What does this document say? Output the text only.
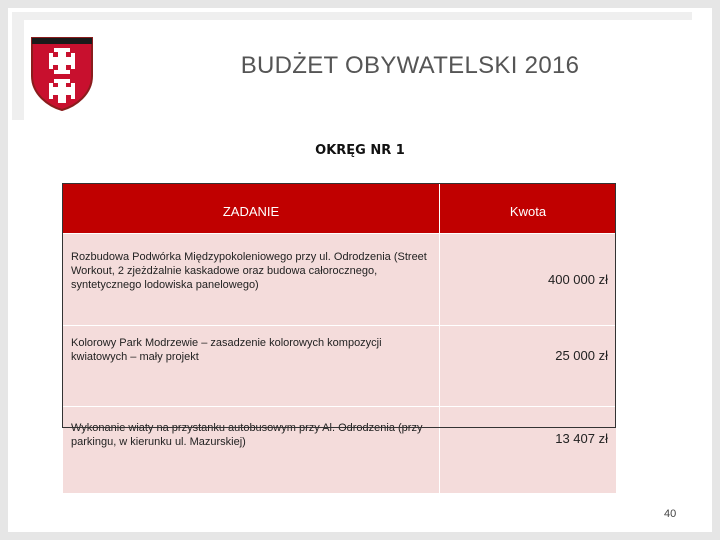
BUDŻET OBYWATELSKI 2016
OKRĘG NR 1
ZADANIE	Kwota
Rozbudowa Podwórka Międzypokoleniowego przy ul. Odrodzenia (Street Workout, 2 zjeżdżalnie kaskadowe oraz budowa całorocznego, syntetycznego lodowiska panelowego)	400 000 zł
Kolorowy Park Modrzewie – zasadzenie kolorowych kompozycji kwiatowych – mały projekt	25 000 zł
Wykonanie wiaty na przystanku autobusowym przy Al. Odrodzenia (przy parkingu, w kierunku ul. Mazurskiej)	13 407 zł
40
